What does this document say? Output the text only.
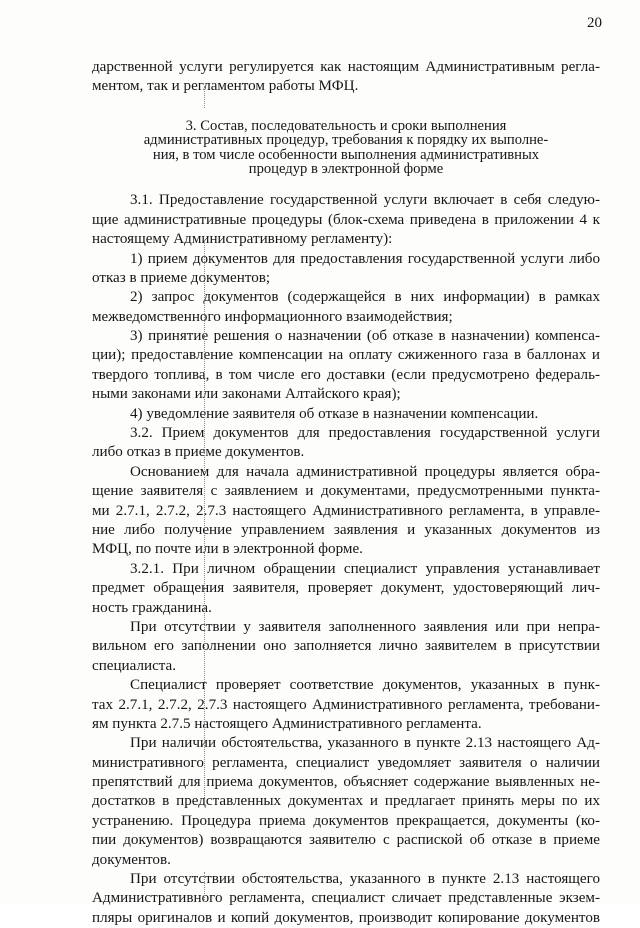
20
дарственной услуги регулируется как настоящим Административным регла-
ментом, так и регламентом работы МФЦ.
3. Состав, последовательность и сроки выполнения
административных процедур, требования к порядку их выполне-
ния, в том числе особенности выполнения административных
процедур в электронной форме
3.1. Предоставление государственной услуги включает в себя следую-
щие административные процедуры (блок-схема приведена в приложении 4 к
настоящему Административному регламенту):
1) прием документов для предоставления государственной услуги либо
отказ в приеме документов;
2) запрос документов (содержащейся в них информации) в рамках
межведомственного информационного взаимодействия;
3) принятие решения о назначении (об отказе в назначении) компенса-
ции); предоставление компенсации на оплату сжиженного газа в баллонах и
твердого топлива, в том числе его доставки (если предусмотрено федераль-
ными законами или законами Алтайского края);
4) уведомление заявителя об отказе в назначении компенсации.
3.2. Прием документов для предоставления государственной услуги
либо отказ в приеме документов.
Основанием для начала административной процедуры является обра-
щение заявителя с заявлением и документами, предусмотренными пункта-
ми 2.7.1, 2.7.2, 2.7.3 настоящего Административного регламента, в управле-
ние либо получение управлением заявления и указанных документов из
МФЦ, по почте или в электронной форме.
3.2.1. При личном обращении специалист управления устанавливает
предмет обращения заявителя, проверяет документ, удостоверяющий лич-
ность гражданина.
При отсутствии у заявителя заполненного заявления или при непра-
вильном его заполнении оно заполняется лично заявителем в присутствии
специалиста.
Специалист проверяет соответствие документов, указанных в пунк-
тах 2.7.1, 2.7.2, 2.7.3 настоящего Административного регламента, требовани-
ям пункта 2.7.5 настоящего Административного регламента.
При наличии обстоятельства, указанного в пункте 2.13 настоящего Ад-
министративного регламента, специалист уведомляет заявителя о наличии
препятствий для приема документов, объясняет содержание выявленных не-
достатков в представленных документах и предлагает принять меры по их
устранению. Процедура приема документов прекращается, документы (ко-
пии документов) возвращаются заявителю с распиской об отказе в приеме
документов.
При отсутствии обстоятельства, указанного в пункте 2.13 настоящего
Административного регламента, специалист сличает представленные экзем-
пляры оригиналов и копий документов, производит копирование документов
